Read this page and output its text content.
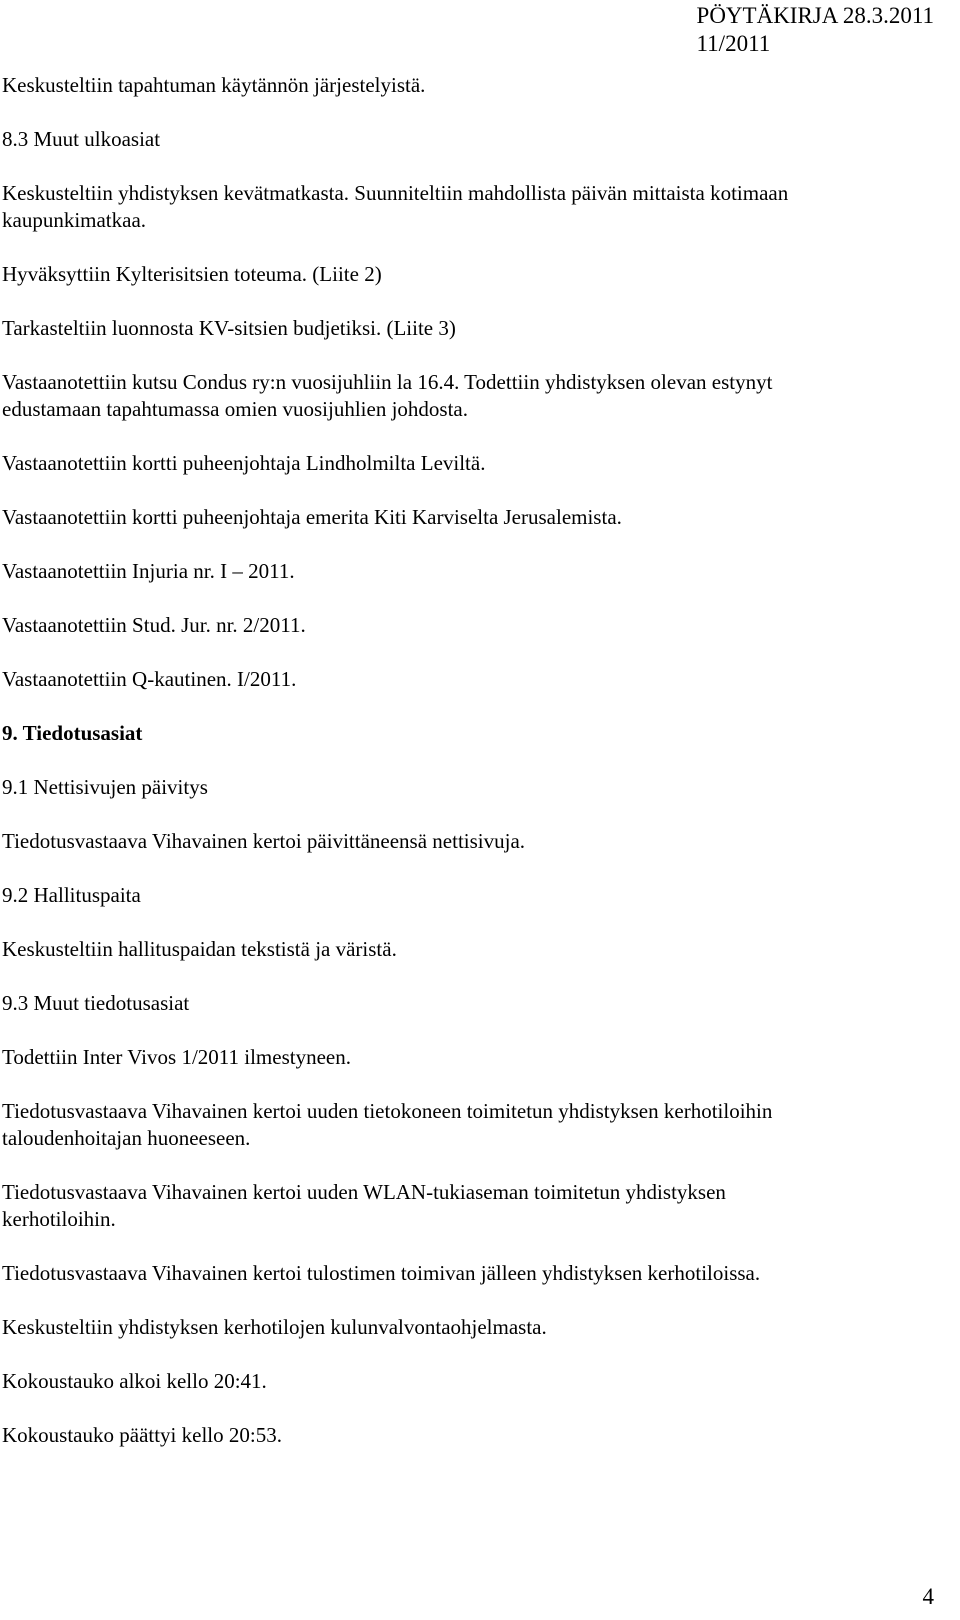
PÖYTÄKIRJA 28.3.2011
11/2011
Keskusteltiin tapahtuman käytännön järjestelyistä.
8.3 Muut ulkoasiat
Keskusteltiin yhdistyksen kevätmatkasta. Suunniteltiin mahdollista päivän mittaista kotimaan
kaupunkimatkaa.
Hyväksyttiin Kylterisitsien toteuma. (Liite 2)
Tarkasteltiin luonnosta KV-sitsien budjetiksi. (Liite 3)
Vastaanotettiin kutsu Condus ry:n vuosijuhliin la 16.4. Todettiin yhdistyksen olevan estynyt
edustamaan tapahtumassa omien vuosijuhlien johdosta.
Vastaanotettiin kortti puheenjohtaja Lindholmilta Leviltä.
Vastaanotettiin kortti puheenjohtaja emerita Kiti Karviselta Jerusalemista.
Vastaanotettiin Injuria nr. I – 2011.
Vastaanotettiin Stud. Jur. nr. 2/2011.
Vastaanotettiin Q-kautinen. I/2011.
9. Tiedotusasiat
9.1 Nettisivujen päivitys
Tiedotusvastaava Vihavainen kertoi päivittäneensä nettisivuja.
9.2 Hallituspaita
Keskusteltiin hallituspaidan tekstistä ja väristä.
9.3 Muut tiedotusasiat
Todettiin Inter Vivos 1/2011 ilmestyneen.
Tiedotusvastaava Vihavainen kertoi uuden tietokoneen toimitetun yhdistyksen kerhotiloihin
taloudenhoitajan huoneeseen.
Tiedotusvastaava Vihavainen kertoi uuden WLAN-tukiaseman toimitetun yhdistyksen
kerhotiloihin.
Tiedotusvastaava Vihavainen kertoi tulostimen toimivan jälleen yhdistyksen kerhotiloissa.
Keskusteltiin yhdistyksen kerhotilojen kulunvalvontaohjelmasta.
Kokoustauko alkoi kello 20:41.
Kokoustauko päättyi kello 20:53.
4
